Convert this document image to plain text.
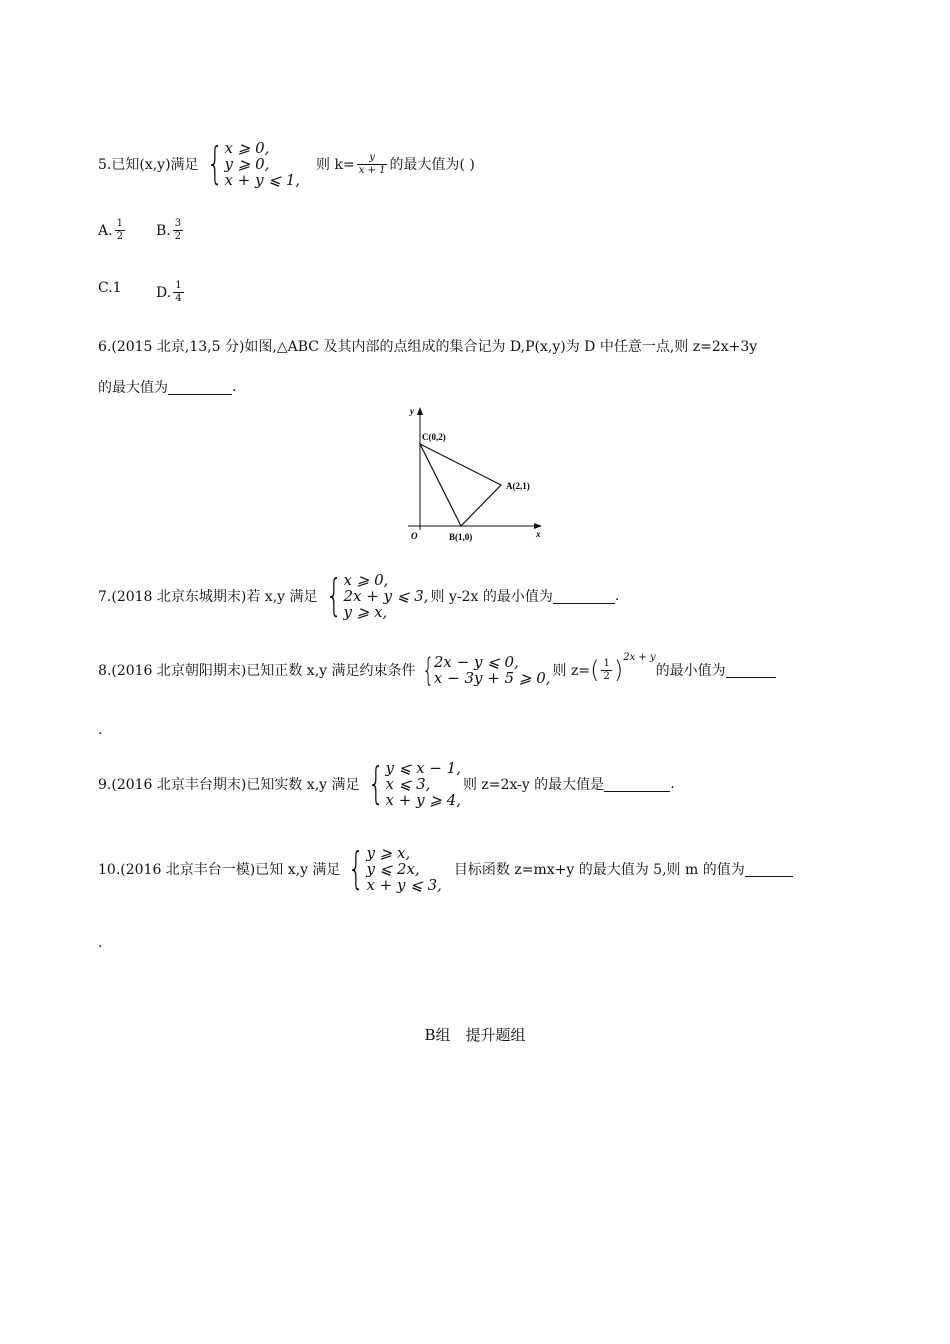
5.已知(x,y)满足 { x ⩾ 0,
y ⩾ 0,
x + y ⩽ 1,
则 $k= \frac{y}{x + 1}$ 的最大值为( )
A. $\frac{1}{2} B$. $\frac{3}{2}$
C.1 D. $\frac{1}{4}$
6.(2015 北京,13,5 分)如图,△ABC 及其内部的点组成的集合记为 D,P(x,y)为 D 中任意一点,则 z=2x+3y
的最大值为	.
y
x
O
C(0,2)
A(2,1)
B(1,0)
7.(2018 北京东城期末)若 x,y 满足 { x ⩾ 0,
2x + y ⩽ 3,
y ⩾ x,
则 y-2x 的最小值为	.
8.(2016 北京朝阳期末)已知正数 x,y 满足约束条件 { 2x − y ⩽ 0,
x − 3y + 5 ⩾ 0, 则 z= ( $\frac{1}{2} )^{2x + y}$
的最小值为
.
9.(2016 北京丰台期末)已知实数 x,y 满足 { y ⩽ x − 1,
x ⩽ 3,
x + y ⩾ 4,
则 z=2x-y 的最大值是	.
10.(2016 北京丰台一模)已知 x,y 满足 { y ⩾ x,
y ⩽ 2x,
x + y ⩽ 3,
目标函数 z=mx+y 的最大值为 5,则 m 的值为
.
B组　提升题组
